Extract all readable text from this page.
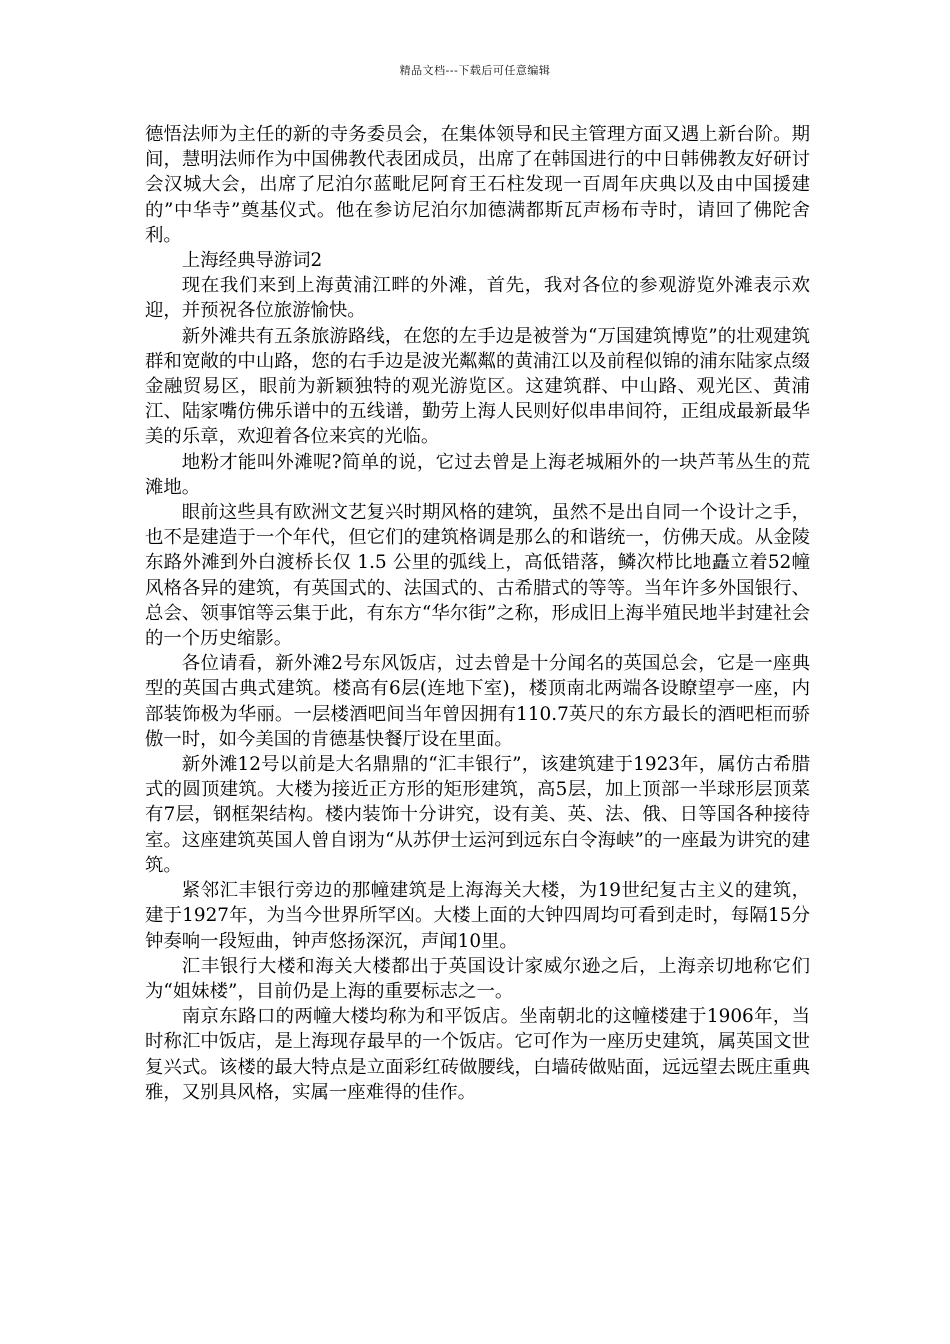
精品文档---下载后可任意编辑

德悟法师为主任的新的寺务委员会，在集体领导和民主管理方面又遇上新台阶。期间，慧明法师作为中国佛教代表团成员，出席了在韩国进行的中日韩佛教友好研讨会汉城大会，出席了尼泊尔蓝毗尼阿育王石柱发现一百周年庆典以及由中国援建的”中华寺”奠基仪式。他在参访尼泊尔加德满都斯瓦声杨布寺时，请回了佛陀舍利。

上海经典导游词2

现在我们来到上海黄浦江畔的外滩，首先，我对各位的参观游览外滩表示欢迎，并预祝各位旅游愉快。

新外滩共有五条旅游路线，在您的左手边是被誉为“万国建筑博览”的壮观建筑群和宽敞的中山路，您的右手边是波光粼粼的黄浦江以及前程似锦的浦东陆家点缀金融贸易区，眼前为新颖独特的观光游览区。这建筑群、中山路、观光区、黄浦江、陆家嘴仿佛乐谱中的五线谱，勤劳上海人民则好似串串间符，正组成最新最华美的乐章，欢迎着各位来宾的光临。

地粉才能叫外滩呢?简单的说，它过去曾是上海老城厢外的一块芦苇丛生的荒滩地。

眼前这些具有欧洲文艺复兴时期风格的建筑，虽然不是出自同一个设计之手，也不是建造于一个年代，但它们的建筑格调是那么的和谐统一，仿佛天成。从金陵东路外滩到外白渡桥长仅 1.5 公里的弧线上，高低错落，鳞次栉比地矗立着52幢风格各异的建筑，有英国式的、法国式的、古希腊式的等等。当年许多外国银行、总会、领事馆等云集于此，有东方“华尔街”之称，形成旧上海半殖民地半封建社会的一个历史缩影。

各位请看，新外滩2号东风饭店，过去曾是十分闻名的英国总会，它是一座典型的英国古典式建筑。楼高有6层(连地下室)，楼顶南北两端各设瞭望亭一座，内部装饰极为华丽。一层楼酒吧间当年曾因拥有110.7英尺的东方最长的酒吧柜而骄傲一时，如今美国的肯德基快餐厅设在里面。

新外滩12号以前是大名鼎鼎的“汇丰银行”，该建筑建于1923年，属仿古希腊式的圆顶建筑。大楼为接近正方形的矩形建筑，高5层，加上顶部一半球形层顶菜有7层，钢框架结构。楼内装饰十分讲究，设有美、英、法、俄、日等国各种接待室。这座建筑英国人曾自诩为“从苏伊士运河到远东白令海峡”的一座最为讲究的建筑。

紧邻汇丰银行旁边的那幢建筑是上海海关大楼，为19世纪复古主义的建筑，建于1927年，为当今世界所罕凶。大楼上面的大钟四周均可看到走时，每隔15分钟奏响一段短曲，钟声悠扬深沉，声闻10里。

汇丰银行大楼和海关大楼都出于英国设计家威尔逊之后，上海亲切地称它们为“姐妹楼”，目前仍是上海的重要标志之一。

南京东路口的两幢大楼均称为和平饭店。坐南朝北的这幢楼建于1906年，当时称汇中饭店，是上海现存最早的一个饭店。它可作为一座历史建筑，属英国文世复兴式。该楼的最大特点是立面彩红砖做腰线，白墙砖做贴面，远远望去既庄重典雅，又别具风格，实属一座难得的佳作。
